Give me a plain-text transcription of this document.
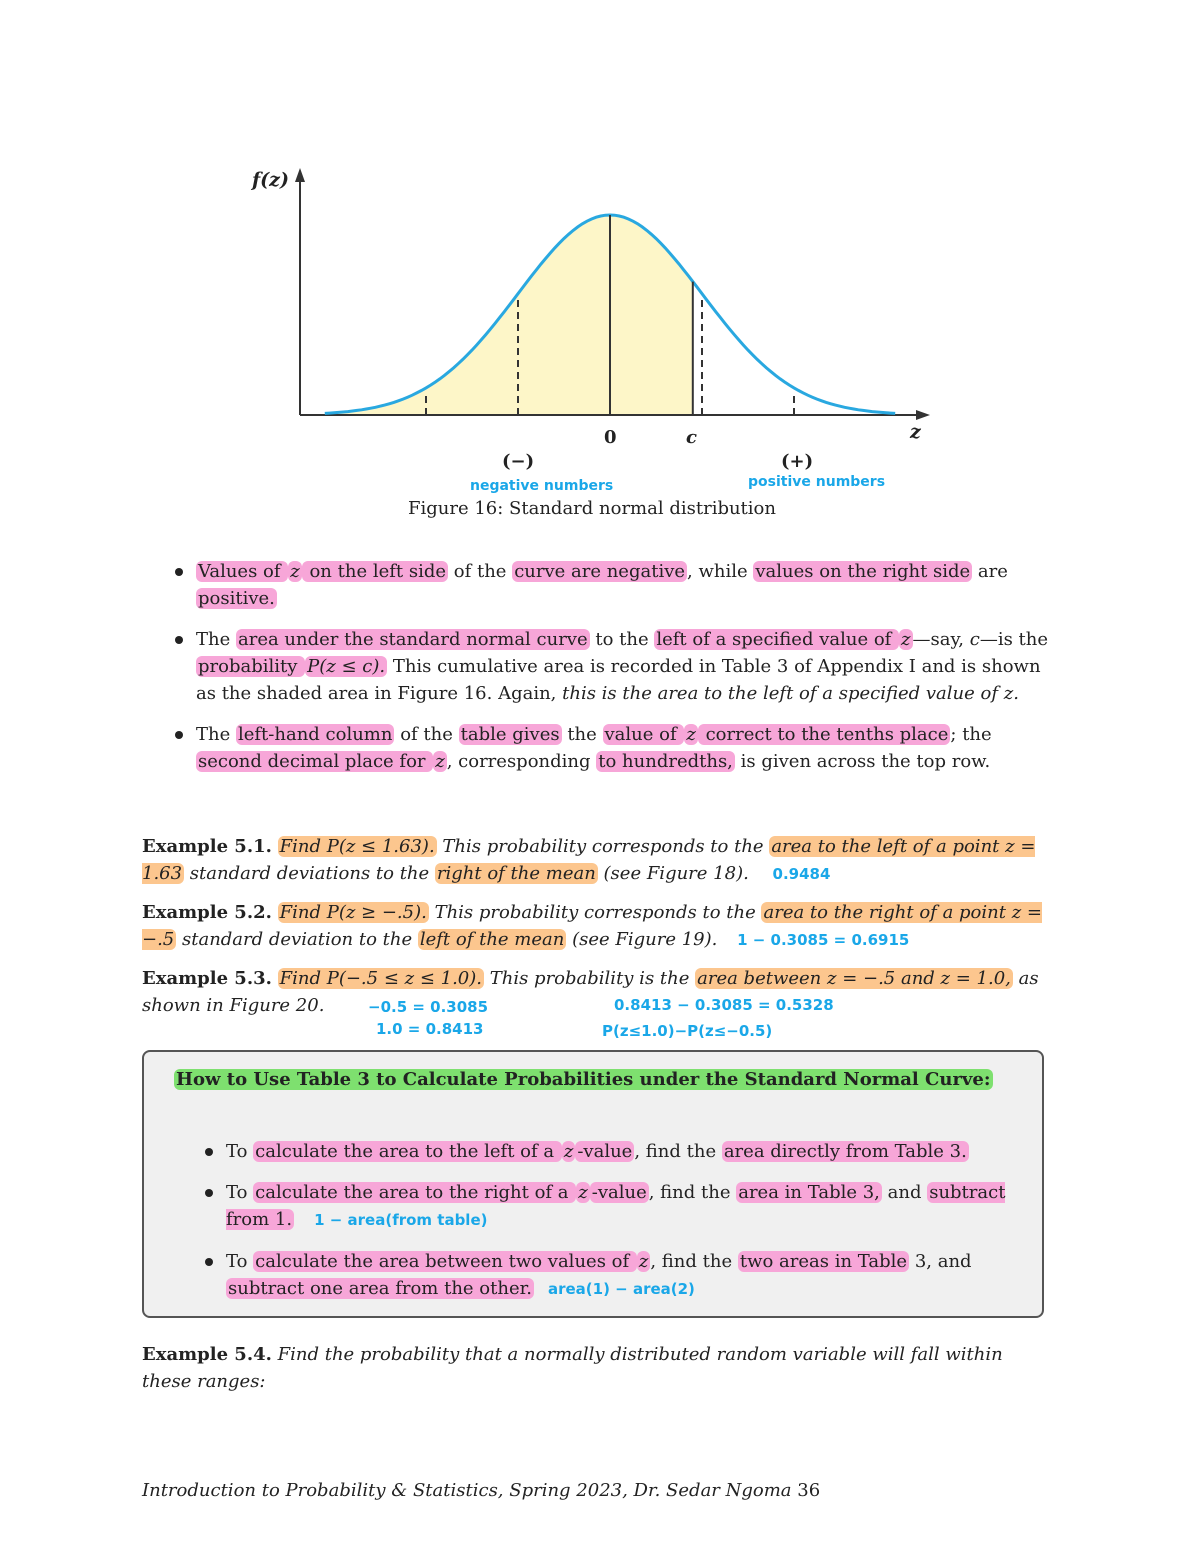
f(z)
z
0	c
(−)	(+)
negative numbers	positive numbers
Figure 16: Standard normal distribution
Values of z on the left side of the curve are negative , while values on the right side are positive.
The area under the standard normal curve to the left of a specified value of z —say, c—is the probability P(z ≤ c). This cumulative area is recorded in Table 3 of Appendix I and is shown as the shaded area in Figure 16. Again, this is the area to the left of a specified value of z.
The left-hand column of the table gives the value of z correct to the tenths place ; the second decimal place for z , corresponding to hundredths, is given across the top row.
Example 5.1. Find P(z ≤ 1.63). This probability corresponds to the area to the left of a point z = 1.63 standard deviations to the right of the mean (see Figure 18). 0.9484
Example 5.2. Find P(z ≥ −.5). This probability corresponds to the area to the right of a point z = −.5 standard deviation to the left of the mean (see Figure 19). 1 − 0.3085 = 0.6915
Example 5.3. Find P(−.5 ≤ z ≤ 1.0). This probability is the area between z = −.5 and z = 1.0, as shown in Figure 20.	−0.5 = 0.3085
1.0 = 0.8413
0.8413 − 0.3085 = 0.5328
P(z≤1.0)−P(z≤−0.5)
How to Use Table 3 to Calculate Probabilities under the Standard Normal Curve:
To calculate the area to the left of a z -value , find the area directly from Table 3.
To calculate the area to the right of a z -value , find the area in Table 3, and subtract from 1. 1 − area(from table)
To calculate the area between two values of z , find the two areas in Table 3, and subtract one area from the other. area(1) − area(2)
Example 5.4. Find the probability that a normally distributed random variable will fall within these ranges:
Introduction to Probability & Statistics, Spring 2023, Dr. Sedar Ngoma 36
